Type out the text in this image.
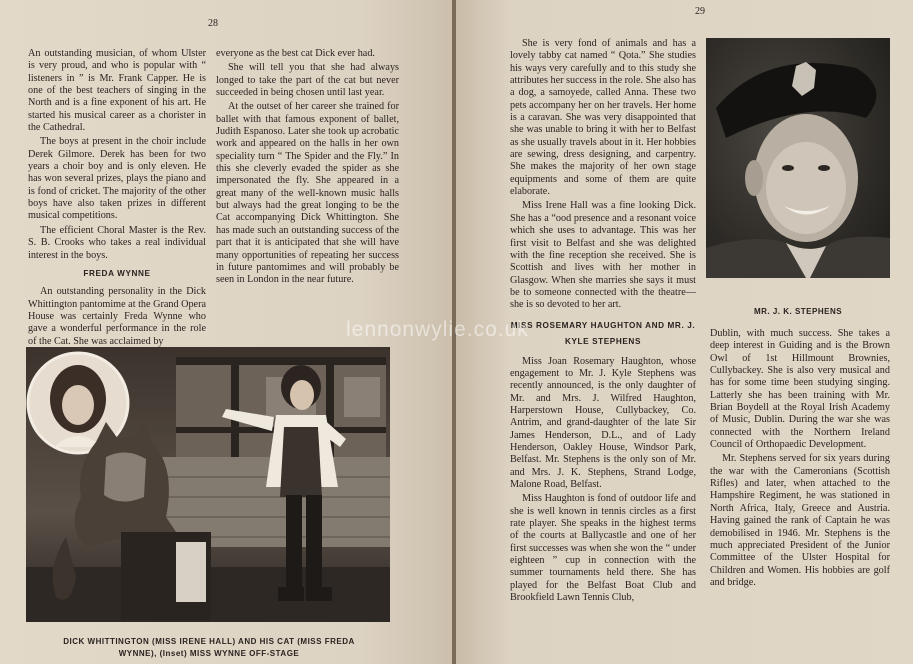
28

An outstanding musician, of whom Ulster is very proud, and who is popular with “ listeners in ” is Mr. Frank Capper. He is one of the best teachers of singing in the North and is a fine exponent of his art. He started his musical career as a chorister in the Cathedral.

The boys at present in the choir include Derek Gilmore. Derek has been for two years a choir boy and is only eleven. He has won several prizes, plays the piano and is fond of cricket. The majority of the other boys have also taken prizes in different musical competitions.

The efficient Choral Master is the Rev. S. B. Crooks who takes a real individual interest in the boys.

FREDA WYNNE

An outstanding personality in the Dick Whittington pantomime at the Grand Opera House was certainly Freda Wynne who gave a wonderful performance in the role of the Cat. She was acclaimed by

everyone as the best cat Dick ever had.

She will tell you that she had always longed to take the part of the cat but never succeeded in being chosen until last year.

At the outset of her career she trained for ballet with that famous exponent of ballet, Judith Espanoso. Later she took up acrobatic work and appeared on the halls in her own speciality turn “ The Spider and the Fly.” In this she cleverly evaded the spider as she impersonated the fly. She appeared in a great many of the well-known music halls but always had the great longing to be the Cat accompanying Dick Whittington. She has made such an outstanding success of the part that it is anticipated that she will have many opportunities of repeating her success in future pantomimes and will probably be seen in London in the near future.

DICK WHITTINGTON (MISS IRENE HALL) AND HIS CAT (MISS FREDA
WYNNE), (Inset) MISS WYNNE OFF-STAGE
29

She is very fond of animals and has a lovely tabby cat named “ Qota.” She studies his ways very carefully and to this study she attributes her success in the role. She also has a dog, a samoyede, called Anna. These two pets accompany her on her travels. Her home is a caravan. She was very disappointed that she was unable to bring it with her to Belfast as she usually travels about in it. Her hobbies are sewing, dress designing, and carpentry. She makes the majority of her own stage equipments and some of them are quite elaborate.

Miss Irene Hall was a fine looking Dick. She has a “ood presence and a resonant voice which she uses to advantage. This was her first visit to Belfast and she was delighted with the fine reception she received. She is Scottish and lives with her mother in Glasgow. When she marries she says it must be to someone connected with the theatre—she is so devoted to her art.

MISS ROSEMARY HAUGHTON AND MR. J. KYLE STEPHENS

Miss Joan Rosemary Haughton, whose engagement to Mr. J. Kyle Stephens was recently announced, is the only daughter of Mr. and Mrs. J. Wilfred Haughton, Harperstown House, Cullybackey, Co. Antrim, and grand-daughter of the late Sir James Henderson, D.L., and of Lady Henderson, Oakley House, Windsor Park, Belfast. Mr. Stephens is the only son of Mr. and Mrs. J. K. Stephens, Strand Lodge, Malone Road, Belfast.

Miss Haughton is fond of outdoor life and she is well known in tennis circles as a first rate player. She speaks in the highest terms of the courts at Ballycastle and one of her first successes was when she won the “ under eighteen ” cup in connection with the summer tournaments held there. She has played for the Belfast Boat Club and Brookfield Lawn Tennis Club,

MR. J. K. STEPHENS

Dublin, with much success. She takes a deep interest in Guiding and is the Brown Owl of 1st Hillmount Brownies, Cullybackey. She is also very musical and has for some time been studying singing. Latterly she has been training with Mr. Brian Boydell at the Royal Irish Academy of Music, Dublin. During the war she was connected with the Northern Ireland Council of Orthopaedic Development.

Mr. Stephens served for six years during the war with the Cameronians (Scottish Rifles) and later, when attached to the Hampshire Regiment, he was stationed in North Africa, Italy, Greece and Austria. Having gained the rank of Captain he was demobilised in 1946. Mr. Stephens is the much appreciated President of the Junior Committee of the Ulster Hospital for Children and Women. His hobbies are golf and bridge.

lennonwylie.co.uk
